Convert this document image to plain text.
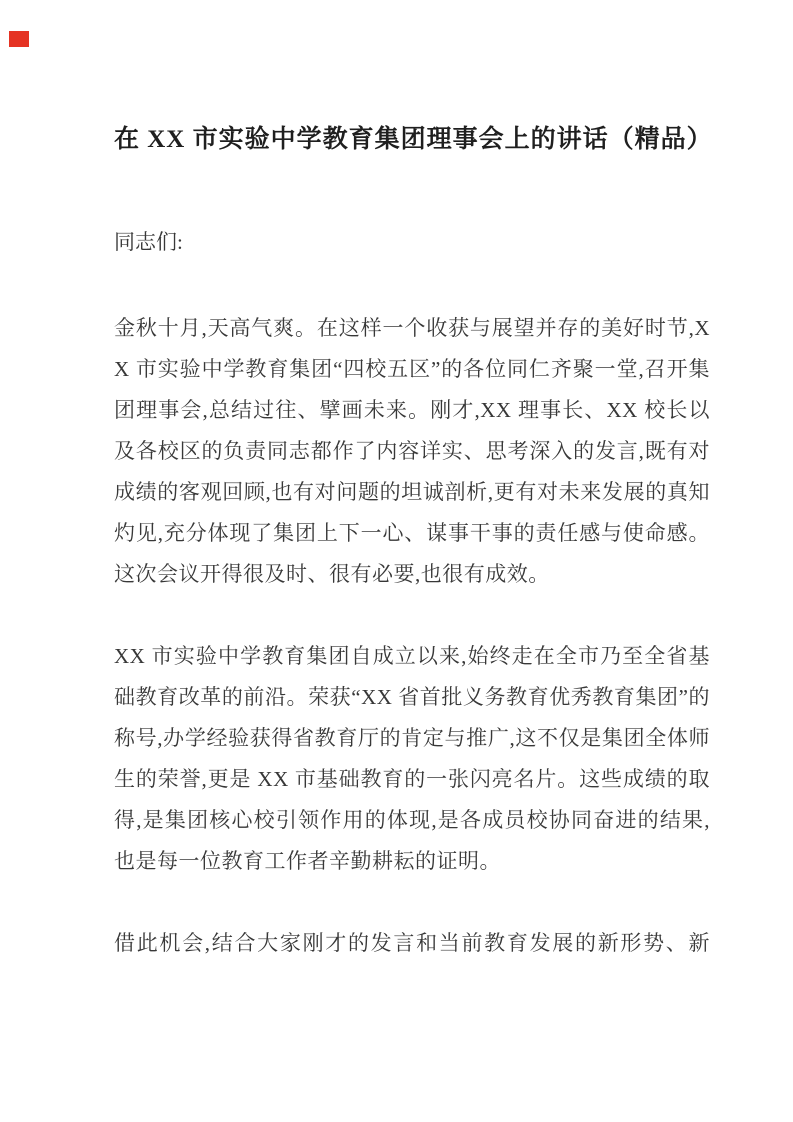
在 XX 市实验中学教育集团理事会上的讲话（精品）

同志们:

金秋十月,天高气爽。在这样一个收获与展望并存的美好时节,XX 市实验中学教育集团“四校五区”的各位同仁齐聚一堂,召开集团理事会,总结过往、擘画未来。刚才,XX 理事长、XX 校长以及各校区的负责同志都作了内容详实、思考深入的发言,既有对成绩的客观回顾,也有对问题的坦诚剖析,更有对未来发展的真知灼见,充分体现了集团上下一心、谋事干事的责任感与使命感。这次会议开得很及时、很有必要,也很有成效。

XX 市实验中学教育集团自成立以来,始终走在全市乃至全省基础教育改革的前沿。荣获“XX 省首批义务教育优秀教育集团”的称号,办学经验获得省教育厅的肯定与推广,这不仅是集团全体师生的荣誉,更是 XX 市基础教育的一张闪亮名片。这些成绩的取得,是集团核心校引领作用的体现,是各成员校协同奋进的结果,也是每一位教育工作者辛勤耕耘的证明。

借此机会,结合大家刚才的发言和当前教育发展的新形势、新
